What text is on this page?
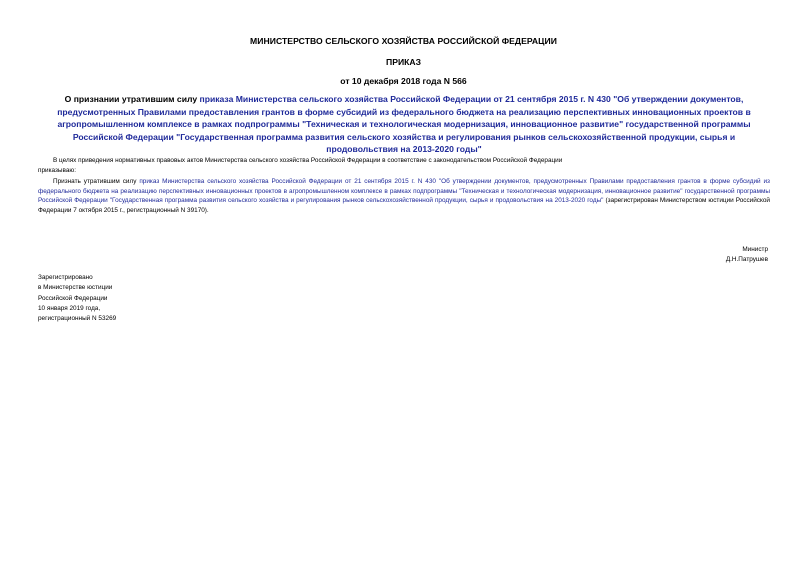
МИНИСТЕРСТВО СЕЛЬСКОГО ХОЗЯЙСТВА РОССИЙСКОЙ ФЕДЕРАЦИИ
ПРИКАЗ
от 10 декабря 2018 года N 566
О признании утратившим силу приказа Министерства сельского хозяйства Российской Федерации от 21 сентября 2015 г. N 430 "Об утверждении документов, предусмотренных Правилами предоставления грантов в форме субсидий из федерального бюджета на реализацию перспективных инновационных проектов в агропромышленном комплексе в рамках подпрограммы "Техническая и технологическая модернизация, инновационное развитие" государственной программы Российской Федерации "Государственная программа развития сельского хозяйства и регулирования рынков сельскохозяйственной продукции, сырья и продовольствия на 2013-2020 годы"
В целях приведения нормативных правовых актов Министерства сельского хозяйства Российской Федерации в соответствие с законодательством Российской Федерации
приказываю:
Признать утратившим силу приказ Министерства сельского хозяйства Российской Федерации от 21 сентября 2015 г. N 430 "Об утверждении документов, предусмотренных Правилами предоставления грантов в форме субсидий из федерального бюджета на реализацию перспективных инновационных проектов в агропромышленном комплексе в рамках подпрограммы "Техническая и технологическая модернизация, инновационное развитие" государственной программы Российской Федерации "Государственная программа развития сельского хозяйства и регулирования рынков сельскохозяйственной продукции, сырья и продовольствия на 2013-2020 годы" (зарегистрирован Министерством юстиции Российской Федерации 7 октября 2015 г., регистрационный N 39170).
Министр
Д.Н.Патрушев
Зарегистрировано
в Министерстве юстиции
Российской Федерации
10 января 2019 года,
регистрационный N 53269
